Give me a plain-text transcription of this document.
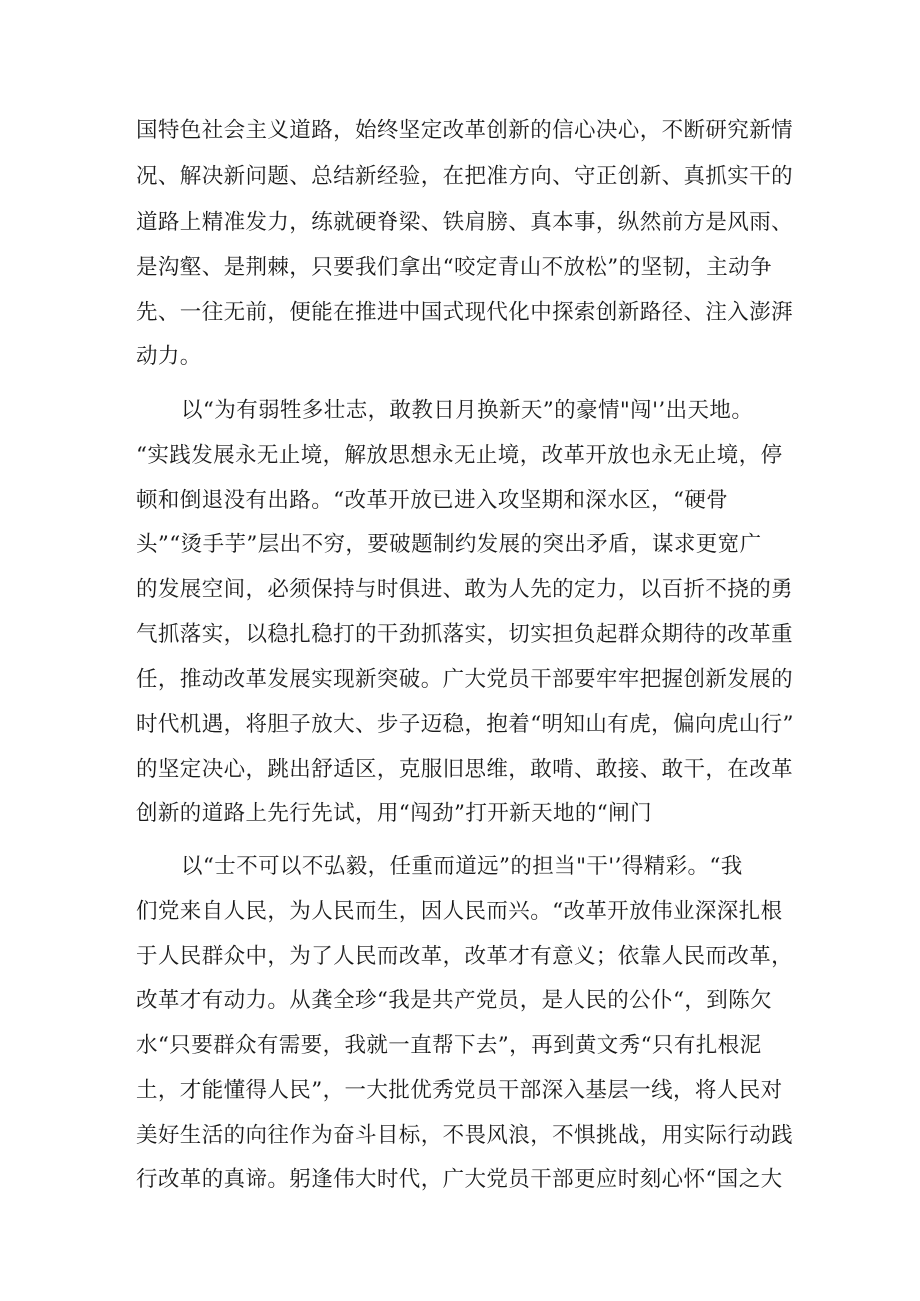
国特色社会主义道路，始终坚定改革创新的信心决心，不断研究新情
况、解决新问题、总结新经验，在把准方向、守正创新、真抓实干的
道路上精准发力，练就硬脊梁、铁肩膀、真本事，纵然前方是风雨、
是沟壑、是荆棘，只要我们拿出“咬定青山不放松”的坚韧，主动争
先、一往无前，便能在推进中国式现代化中探索创新路径、注入澎湃
动力。
以“为有弱牲多壮志，敢教日月换新天”的豪情"闯'’出天地。
“实践发展永无止境，解放思想永无止境，改革开放也永无止境，停
顿和倒退没有出路。“改革开放已进入攻坚期和深水区，“硬骨
头”“烫手芋”层出不穷，要破题制约发展的突出矛盾，谋求更宽广
的发展空间，必须保持与时俱进、敢为人先的定力，以百折不挠的勇
气抓落实，以稳扎稳打的干劲抓落实，切实担负起群众期待的改革重
任，推动改革发展实现新突破。广大党员干部要牢牢把握创新发展的
时代机遇，将胆子放大、步子迈稳，抱着“明知山有虎，偏向虎山行”
的坚定决心，跳出舒适区，克服旧思维，敢啃、敢接、敢干，在改革
创新的道路上先行先试，用“闯劲”打开新天地的“闸门
以“士不可以不弘毅，任重而道远”的担当"干'’得精彩。“我
们党来自人民，为人民而生，因人民而兴。“改革开放伟业深深扎根
于人民群众中，为了人民而改革，改革才有意义；依靠人民而改革，
改革才有动力。从龚全珍“我是共产党员，是人民的公仆“，到陈欠
水“只要群众有需要，我就一直帮下去”，再到黄文秀“只有扎根泥
土，才能懂得人民”，一大批优秀党员干部深入基层一线，将人民对
美好生活的向往作为奋斗目标，不畏风浪，不惧挑战，用实际行动践
行改革的真谛。躬逢伟大时代，广大党员干部更应时刻心怀“国之大
